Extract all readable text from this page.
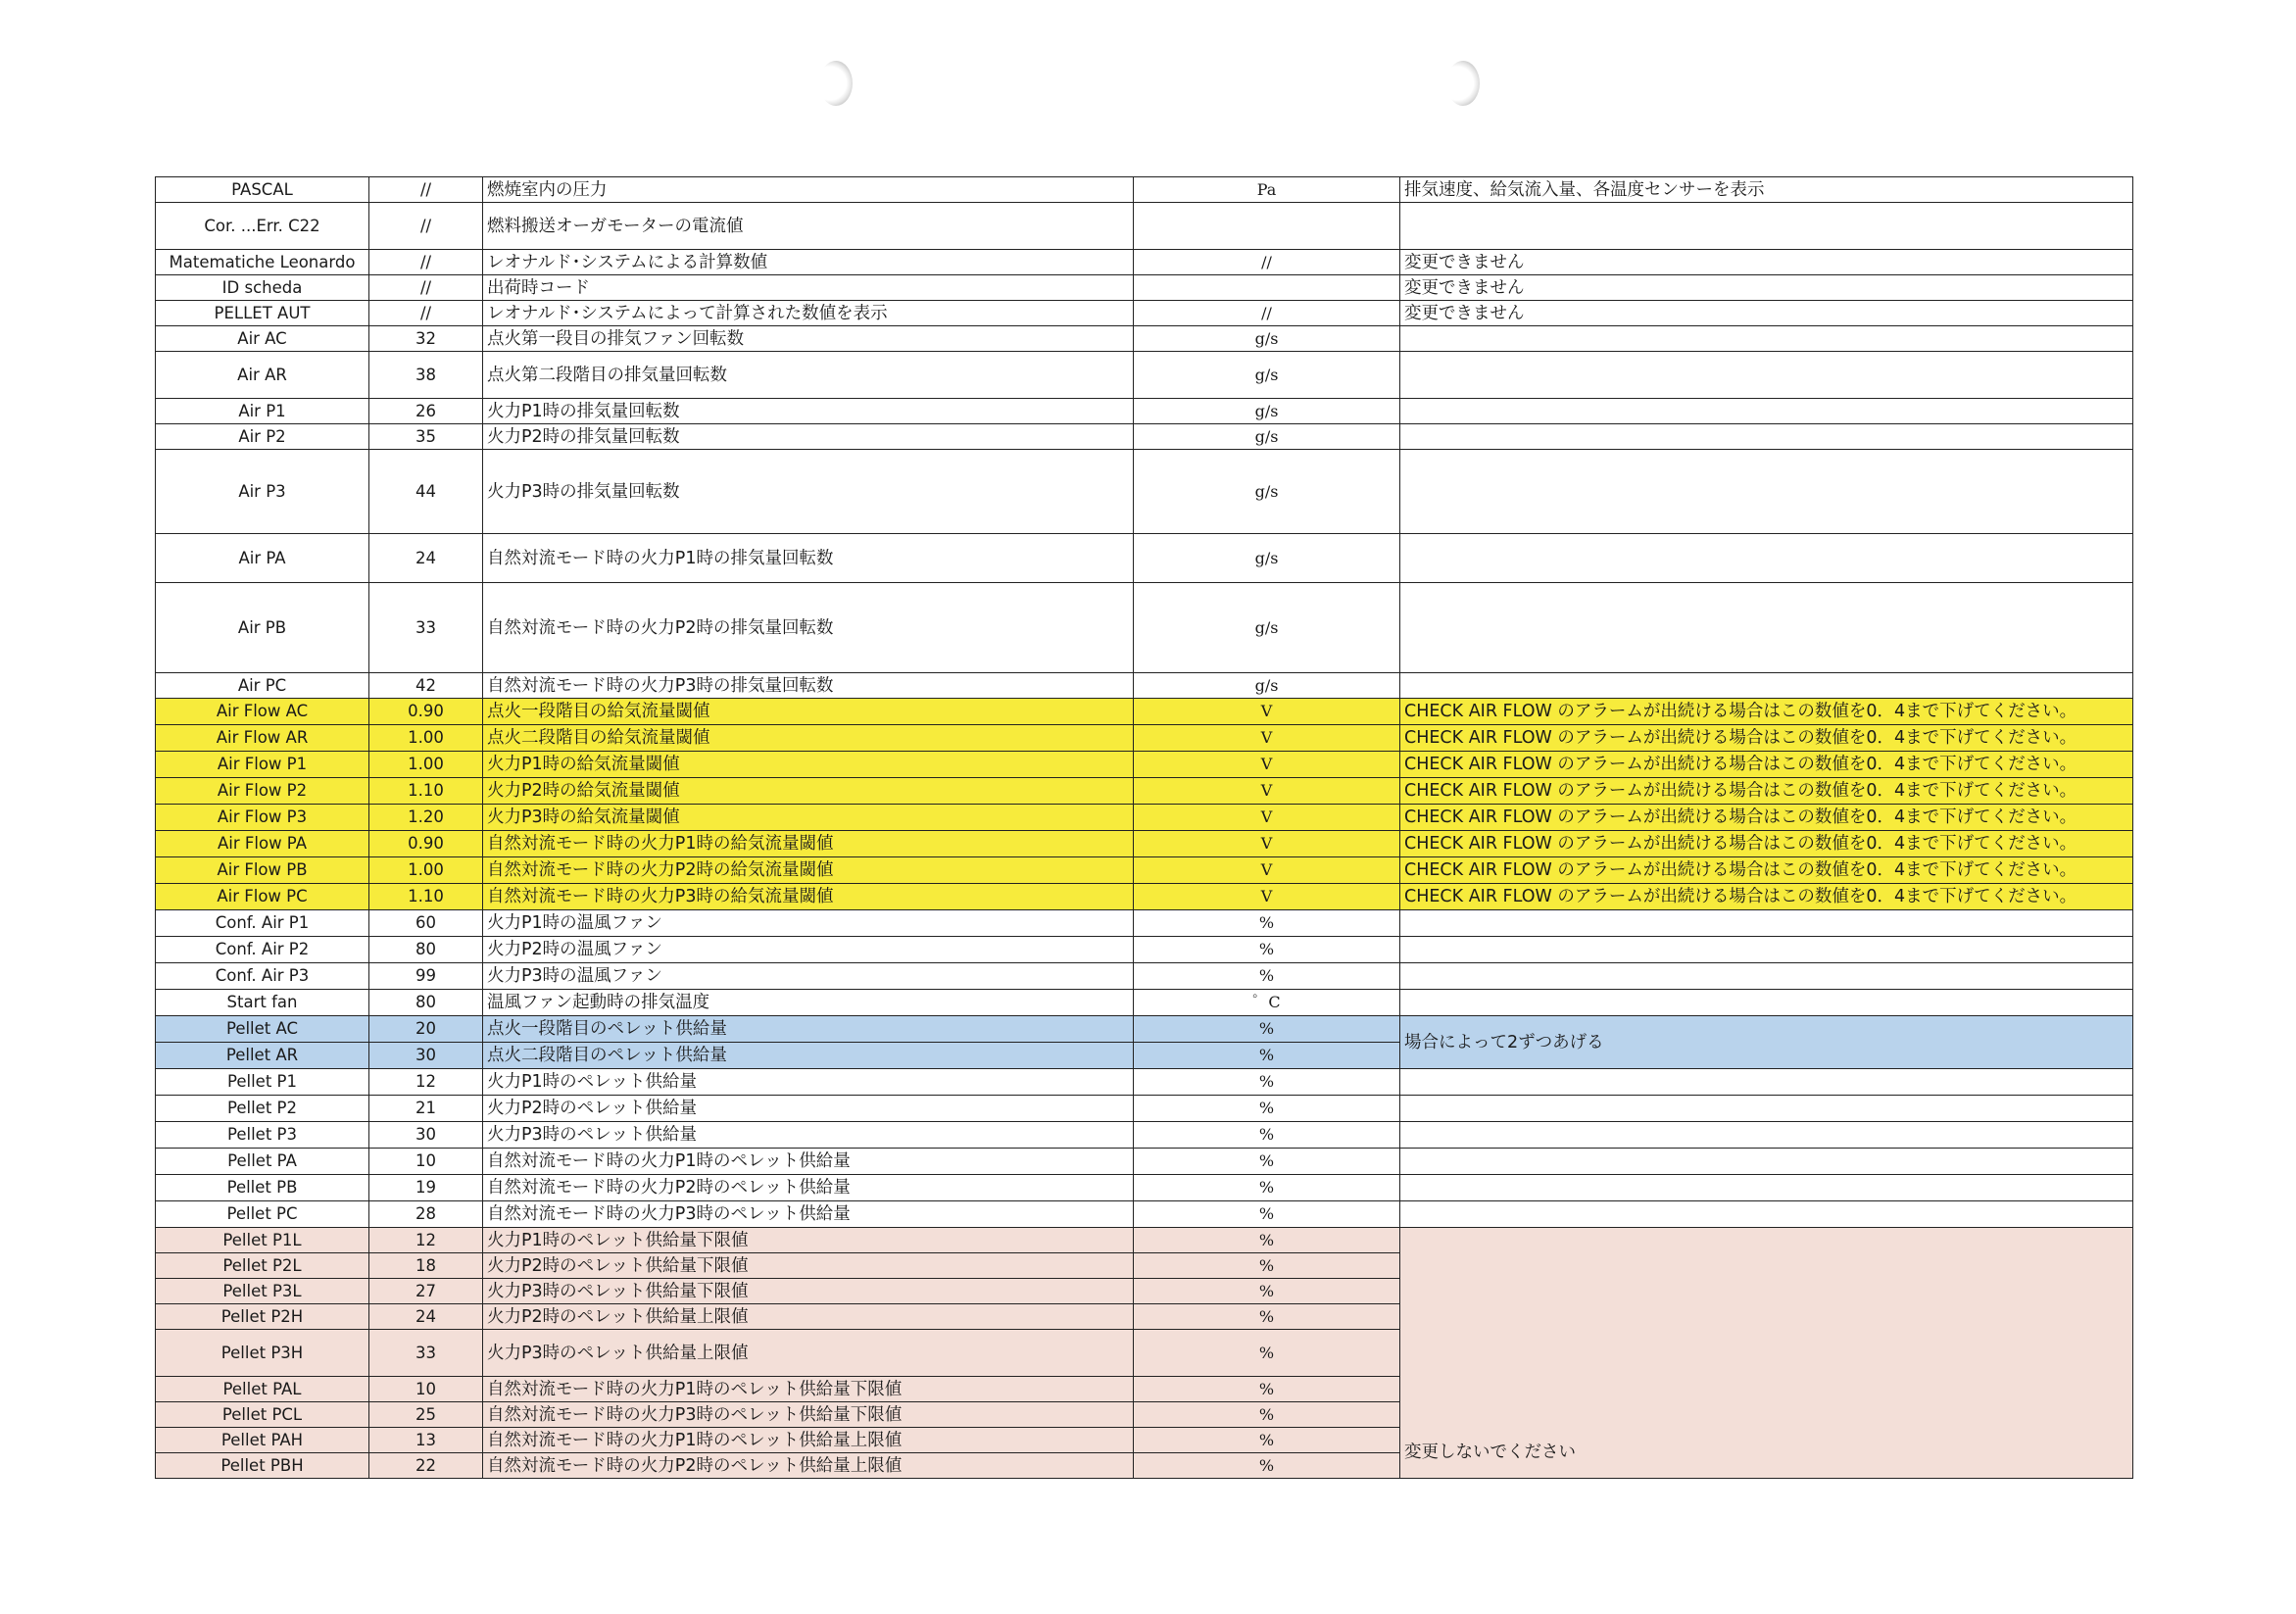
PASCAL	//	燃焼室内の圧力	Pa	排気速度、給気流入量、各温度センサーを表示
Cor. ...Err. C22	//	燃料搬送オーガモーターの電流値		
Matematiche Leonardo	//	レオナルド･システムによる計算数値	//	変更できません
ID scheda	//	出荷時コード		変更できません
PELLET AUT	//	レオナルド･システムによって計算された数値を表示	//	変更できません
Air AC	32	点火第一段目の排気ファン回転数	g/s	
Air AR	38	点火第二段階目の排気量回転数	g/s	
Air P1	26	火力P1時の排気量回転数	g/s	
Air P2	35	火力P2時の排気量回転数	g/s	
Air P3	44	火力P3時の排気量回転数	g/s	
Air PA	24	自然対流モード時の火力P1時の排気量回転数	g/s	
Air PB	33	自然対流モード時の火力P2時の排気量回転数	g/s	
Air PC	42	自然対流モード時の火力P3時の排気量回転数	g/s	
Air Flow AC	0.90	点火一段階目の給気流量閾値	V	CHECK AIR FLOW のアラームが出続ける場合はこの数値を0．4まで下げてください。
Air Flow AR	1.00	点火二段階目の給気流量閾値	V	CHECK AIR FLOW のアラームが出続ける場合はこの数値を0．4まで下げてください。
Air Flow P1	1.00	火力P1時の給気流量閾値	V	CHECK AIR FLOW のアラームが出続ける場合はこの数値を0．4まで下げてください。
Air Flow P2	1.10	火力P2時の給気流量閾値	V	CHECK AIR FLOW のアラームが出続ける場合はこの数値を0．4まで下げてください。
Air Flow P3	1.20	火力P3時の給気流量閾値	V	CHECK AIR FLOW のアラームが出続ける場合はこの数値を0．4まで下げてください。
Air Flow PA	0.90	自然対流モード時の火力P1時の給気流量閾値	V	CHECK AIR FLOW のアラームが出続ける場合はこの数値を0．4まで下げてください。
Air Flow PB	1.00	自然対流モード時の火力P2時の給気流量閾値	V	CHECK AIR FLOW のアラームが出続ける場合はこの数値を0．4まで下げてください。
Air Flow PC	1.10	自然対流モード時の火力P3時の給気流量閾値	V	CHECK AIR FLOW のアラームが出続ける場合はこの数値を0．4まで下げてください。
Conf. Air P1	60	火力P1時の温風ファン	%	
Conf. Air P2	80	火力P2時の温風ファン	%	
Conf. Air P3	99	火力P3時の温風ファン	%	
Start fan	80	温風ファン起動時の排気温度	゜C	
Pellet AC	20	点火一段階目のペレット供給量	%	場合によって2ずつあげる
Pellet AR	30	点火二段階目のペレット供給量	%	
Pellet P1	12	火力P1時のペレット供給量	%	
Pellet P2	21	火力P2時のペレット供給量	%	
Pellet P3	30	火力P3時のペレット供給量	%	
Pellet PA	10	自然対流モード時の火力P1時のペレット供給量	%	
Pellet PB	19	自然対流モード時の火力P2時のペレット供給量	%	
Pellet PC	28	自然対流モード時の火力P3時のペレット供給量	%	
Pellet P1L	12	火力P1時のペレット供給量下限値	%	変更しないでください
Pellet P2L	18	火力P2時のペレット供給量下限値	%	
Pellet P3L	27	火力P3時のペレット供給量下限値	%	
Pellet P2H	24	火力P2時のペレット供給量上限値	%	
Pellet P3H	33	火力P3時のペレット供給量上限値	%	
Pellet PAL	10	自然対流モード時の火力P1時のペレット供給量下限値	%	
Pellet PCL	25	自然対流モード時の火力P3時のペレット供給量下限値	%	
Pellet PAH	13	自然対流モード時の火力P1時のペレット供給量上限値	%	
Pellet PBH	22	自然対流モード時の火力P2時のペレット供給量上限値	%	
